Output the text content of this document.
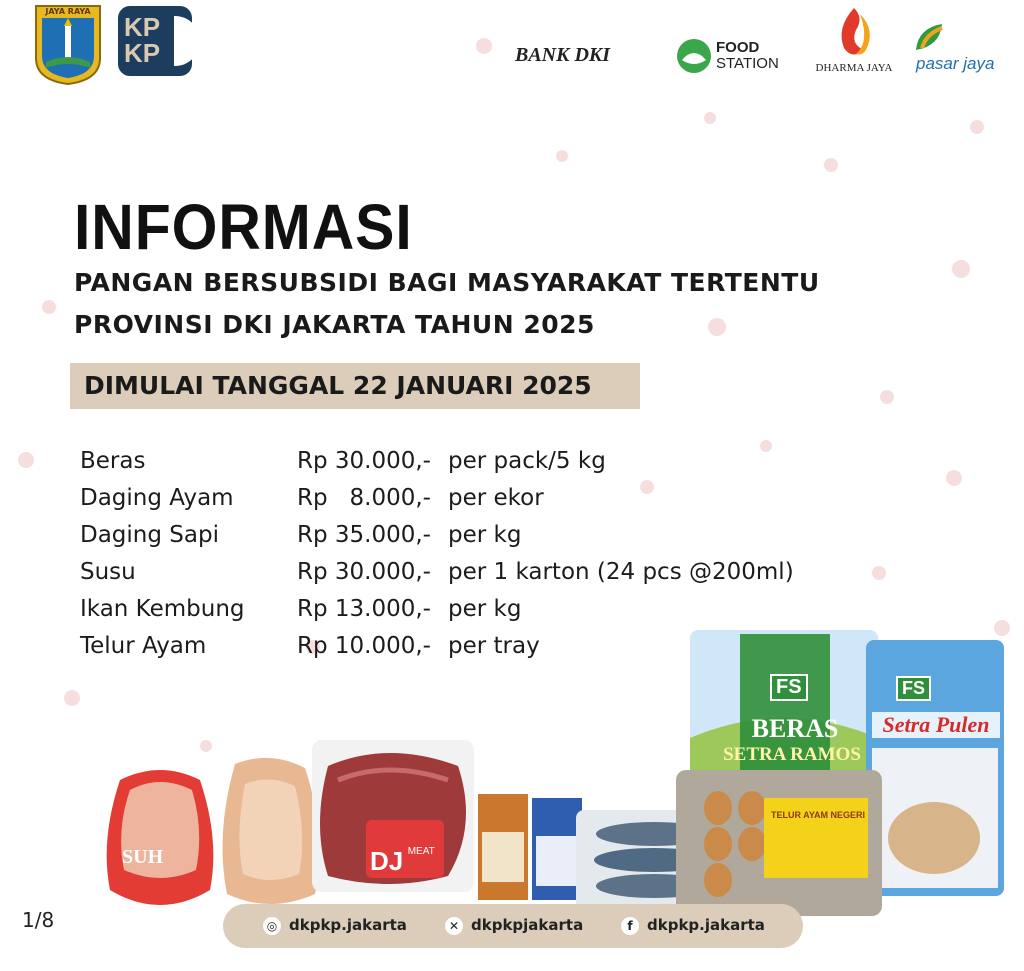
JAYA RAYA
KP KP	BANK DKI	FOOD
STATION	DHARMA JAYA	pasar jaya
INFORMASI
PANGAN BERSUBSIDI BAGI MASYARAKAT TERTENTU
PROVINSI DKI JAKARTA TAHUN 2025
DIMULAI TANGGAL 22 JANUARI 2025
Beras	Rp 30.000,- per pack/5 kg
Daging Ayam	Rp   8.000,- per ekor
Daging Sapi	Rp 35.000,- per kg
Susu	Rp 30.000,- per 1 karton (24 pcs @200ml)
Ikan Kembung Rp 13.000,- per kg
Telur Ayam	Rp 10.000,- per tray
SUH	DJ $^{MEAT}$
FS
BERAS
SETRA RAMOS
FS
Setra Pulen
TELUR AYAM NEGERI
1/8	◎ dkpkp.jakarta	✕ dkpkpjakarta	f dkpkp.jakarta
